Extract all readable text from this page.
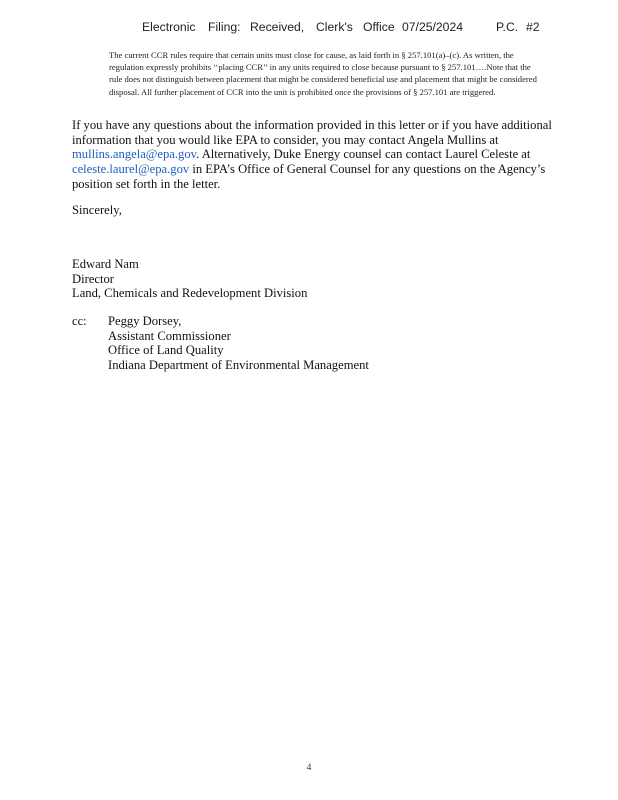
Electronic Filing: Received, Clerk's Office 07/25/2024	P.C. #2

The current CCR rules require that certain units must close for cause, as laid forth in § 257.101(a)–(c). As written, the regulation expressly prohibits ‘‘placing CCR’’ in any units required to close because pursuant to § 257.101….Note that the rule does not distinguish between placement that might be considered beneficial use and placement that might be considered disposal. All further placement of CCR into the unit is prohibited once the provisions of § 257.101 are triggered.

If you have any questions about the information provided in this letter or if you have additional information that you would like EPA to consider, you may contact Angela Mullins at mullins.angela@epa.gov. Alternatively, Duke Energy counsel can contact Laurel Celeste at celeste.laurel@epa.gov in EPA’s Office of General Counsel for any questions on the Agency’s position set forth in the letter.

Sincerely,
Edward Nam
Director
Land, Chemicals and Redevelopment Division
cc: Peggy Dorsey,
Assistant Commissioner
Office of Land Quality
Indiana Department of Environmental Management
4
